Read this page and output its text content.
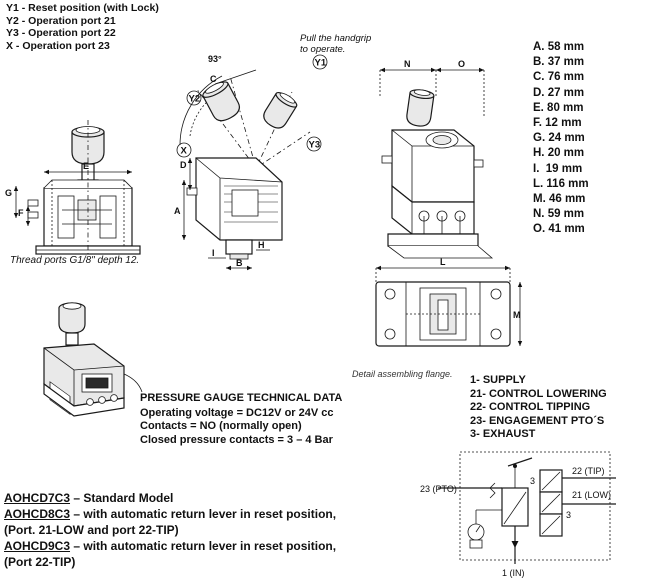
Y1 - Reset position (with Lock)
Y2 - Operation port 21
Y3 - Operation port 22
X - Operation port 23	A. 58 mm
B. 37 mm
C. 76 mm
D. 27 mm
E. 80 mm
F. 12 mm
G. 24 mm
H. 20 mm
I.  19 mm
L. 116 mm
M. 46 mm
N. 59 mm
O. 41 mm
Pull the handgrip
to operate.
E
G
F
93°
Y2
X
Y1
Y3
C
D
A
B
I
H
N	O
L
M
Thread ports G1/8" depth 12.
Detail assembling flange.
PRESSURE GAUGE TECHNICAL DATA
Operating voltage = DC12V or 24V cc
Contacts = NO (normally open)
Closed pressure contacts = 3 – 4 Bar
1- SUPPLY
21- CONTROL LOWERING
22- CONTROL TIPPING
23- ENGAGEMENT PTO´S
3- EXHAUST
23 (PTO)
22 (TIP)
21 (LOW)
3
3
1 (IN)
AOHCD7C3 – Standard Model
AOHCD8C3 – with automatic return lever in reset position,
(Port. 21-LOW and port 22-TIP)
AOHCD9C3 – with automatic return lever in reset position,
(Port 22-TIP)
